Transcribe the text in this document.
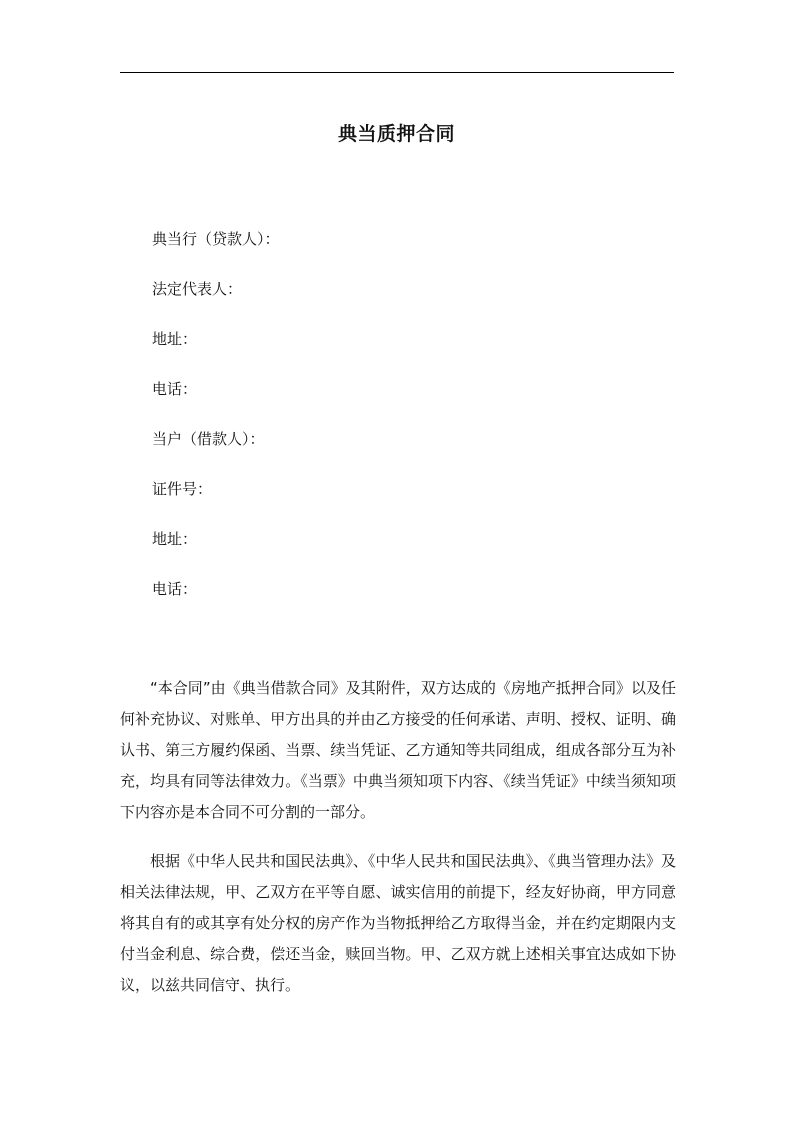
典当质押合同
典当行（贷款人）：
法定代表人：
地址：
电话：
当户（借款人）：
证件号：
地址：
电话：

“本合同”由《典当借款合同》及其附件，双方达成的《房地产抵押合同》以及任何补充协议、对账单、甲方出具的并由乙方接受的任何承诺、声明、授权、证明、确认书、第三方履约保函、当票、续当凭证、乙方通知等共同组成，组成各部分互为补充，均具有同等法律效力。《当票》中典当须知项下内容、《续当凭证》中续当须知项下内容亦是本合同不可分割的一部分。

根据《中华人民共和国民法典》、《中华人民共和国民法典》、《典当管理办法》及相关法律法规，甲、乙双方在平等自愿、诚实信用的前提下，经友好协商，甲方同意将其自有的或其享有处分权的房产作为当物抵押给乙方取得当金，并在约定期限内支付当金利息、综合费，偿还当金，赎回当物。甲、乙双方就上述相关事宜达成如下协议，以兹共同信守、执行。
